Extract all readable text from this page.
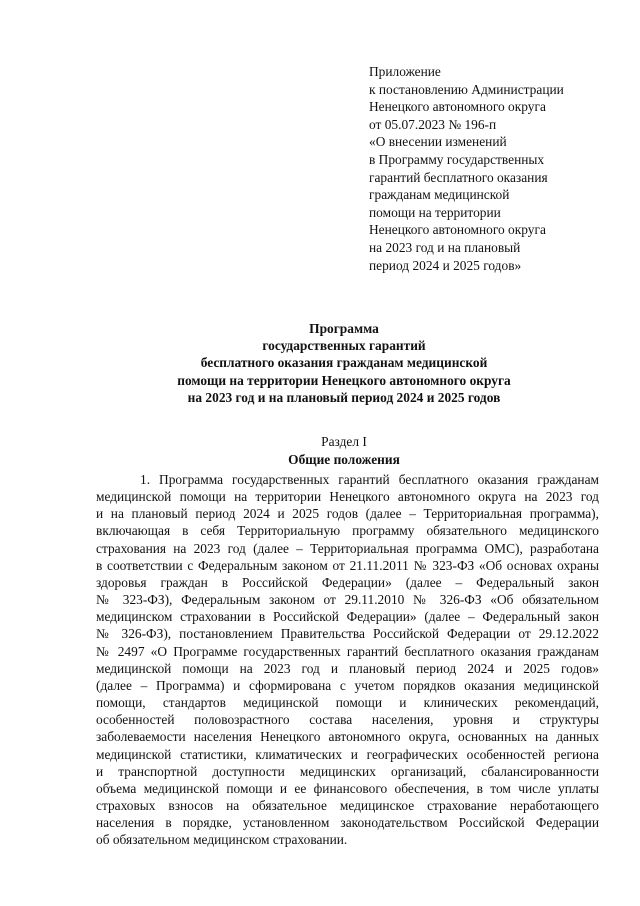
Приложение
к постановлению Администрации
Ненецкого автономного округа
от 05.07.2023 № 196-п
«О внесении изменений
в Программу государственных
гарантий бесплатного оказания
гражданам медицинской
помощи на территории
Ненецкого автономного округа
на 2023 год и на плановый
период 2024 и 2025 годов»
Программа
государственных гарантий
бесплатного оказания гражданам медицинской
помощи на территории Ненецкого автономного округа
на 2023 год и на плановый период 2024 и 2025 годов
Раздел I
Общие положения
1. Программа государственных гарантий бесплатного оказания гражданам
медицинской помощи на территории Ненецкого автономного округа на 2023 год
и на плановый период 2024 и 2025 годов (далее – Территориальная программа),
включающая в себя Территориальную программу обязательного медицинского
страхования на 2023 год (далее – Территориальная программа ОМС), разработана
в соответствии с Федеральным законом от 21.11.2011 № 323-ФЗ «Об основах охраны
здоровья граждан в Российской Федерации» (далее – Федеральный закон
№ 323-ФЗ), Федеральным законом от 29.11.2010 № 326-ФЗ «Об обязательном
медицинском страховании в Российской Федерации» (далее – Федеральный закон
№ 326-ФЗ), постановлением Правительства Российской Федерации от 29.12.2022
№ 2497 «О Программе государственных гарантий бесплатного оказания гражданам
медицинской помощи на 2023 год и плановый период 2024 и 2025 годов»
(далее – Программа) и сформирована с учетом порядков оказания медицинской
помощи, стандартов медицинской помощи и клинических рекомендаций,
особенностей половозрастного состава населения, уровня и структуры
заболеваемости населения Ненецкого автономного округа, основанных на данных
медицинской статистики, климатических и географических особенностей региона
и транспортной доступности медицинских организаций, сбалансированности
объема медицинской помощи и ее финансового обеспечения, в том числе уплаты
страховых взносов на обязательное медицинское страхование неработающего
населения в порядке, установленном законодательством Российской Федерации
об обязательном медицинском страховании.
